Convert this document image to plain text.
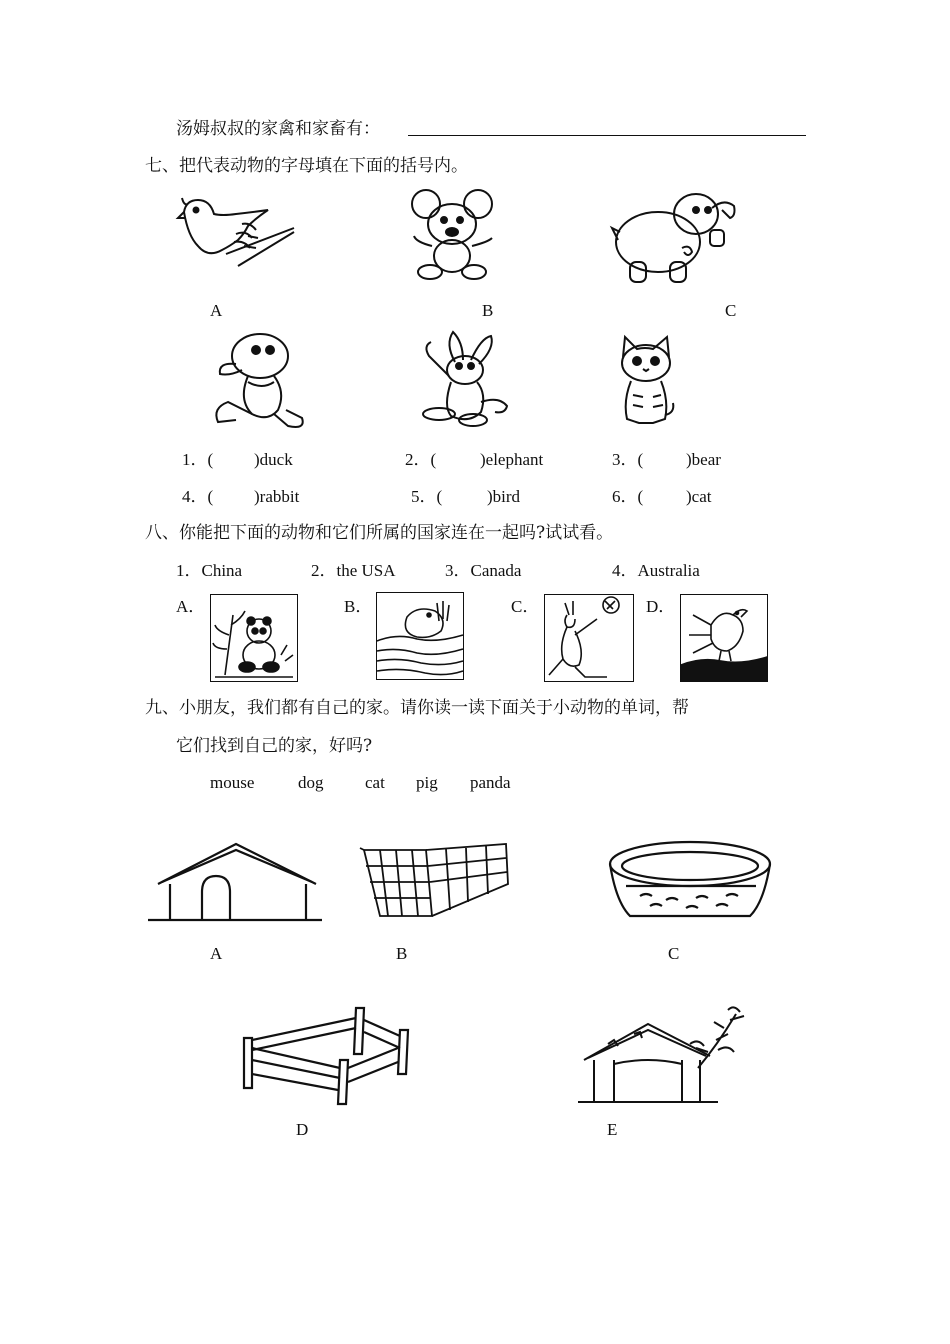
汤姆叔叔的家禽和家畜有：
七、把代表动物的字母填在下面的括号内。
A	B	C
1．( )duck	2．(	)elephant	3．(	)bear
4．( )rabbit	5．(	)bird	6．(	)cat
八、你能把下面的动物和它们所属的国家连在一起吗?试试看。
1．China	2．the USA	3．Canada	4．Australia
A．	B．	C．	D．
九、小朋友，我们都有自己的家。请你读一读下面关于小动物的单词，帮
它们找到自己的家，好吗?
mouse	dog cat pig panda
A	B	C
D	E
